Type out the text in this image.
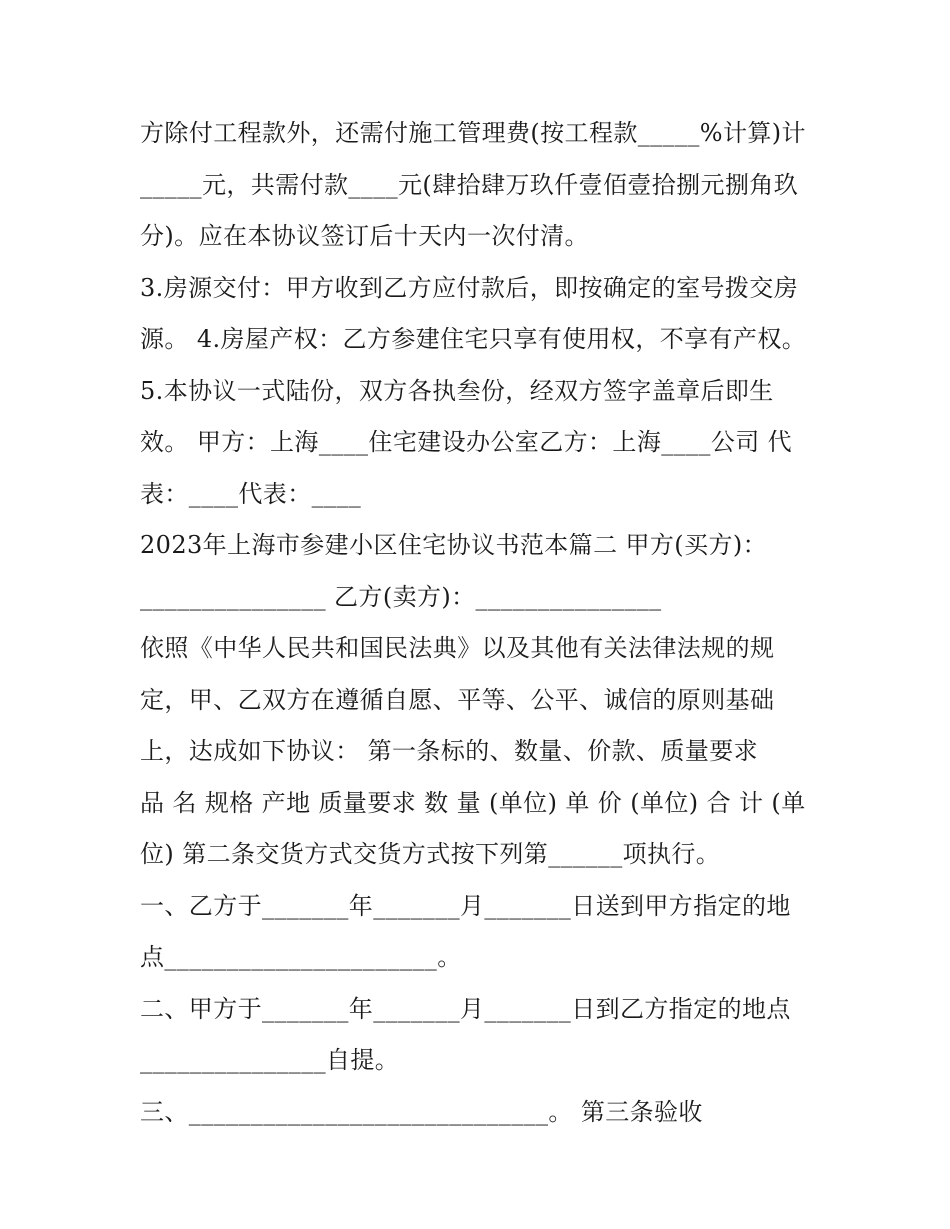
方除付工程款外，还需付施工管理费(按工程款_____%计算)计
_____元，共需付款____元(肆拾肆万玖仟壹佰壹拾捌元捌角玖
分)。应在本协议签订后十天内一次付清。
3.房源交付：甲方收到乙方应付款后，即按确定的室号拨交房
源。 4.房屋产权：乙方参建住宅只享有使用权，不享有产权。
5.本协议一式陆份，双方各执叁份，经双方签字盖章后即生
效。 甲方：上海____住宅建设办公室乙方：上海____公司 代
表：____代表：____
2023年上海市参建小区住宅协议书范本篇二 甲方(买方)：
_______________ 乙方(卖方)：_______________
依照《中华人民共和国民法典》以及其他有关法律法规的规
定，甲、乙双方在遵循自愿、平等、公平、诚信的原则基础
上，达成如下协议： 第一条标的、数量、价款、质量要求
品 名 规格 产地 质量要求 数 量 (单位) 单 价 (单位) 合 计 (单
位) 第二条交货方式交货方式按下列第______项执行。
一、乙方于_______年_______月_______日送到甲方指定的地
点______________________。
二、甲方于_______年_______月_______日到乙方指定的地点
_______________自提。
三、_____________________________。 第三条验收
